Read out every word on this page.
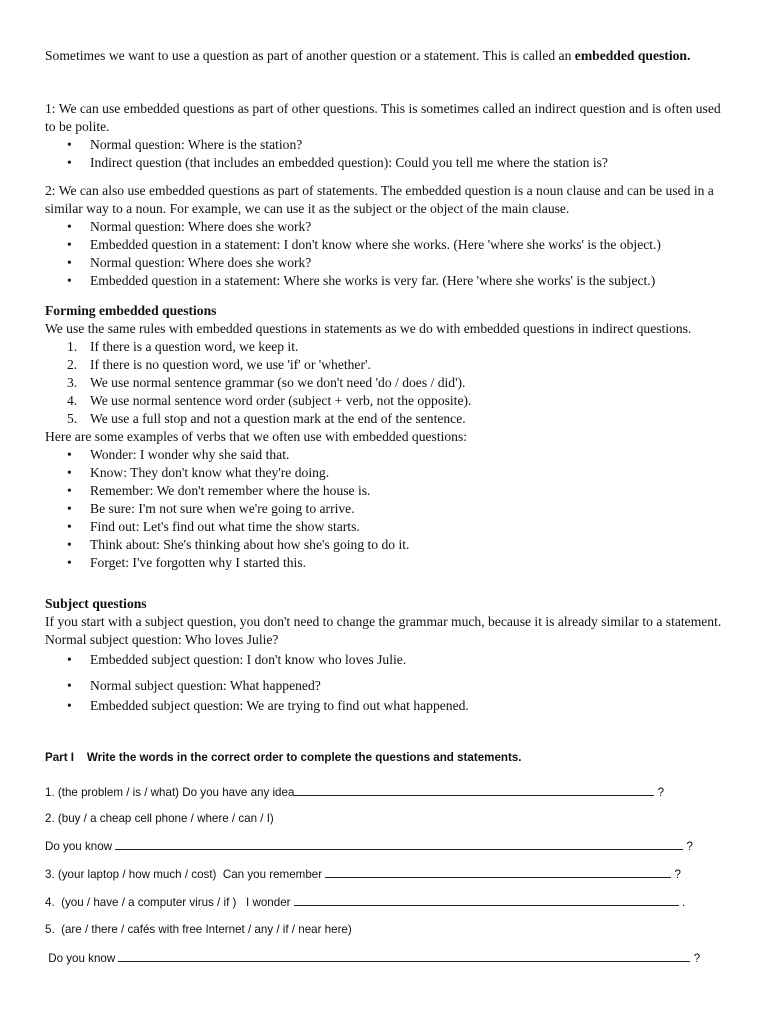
Sometimes we want to use a question as part of another question or a statement. This is called an embedded question.

1: We can use embedded questions as part of other questions. This is sometimes called an indirect question and is often used to be polite.

• Normal question: Where is the station?
• Indirect question (that includes an embedded question): Could you tell me where the station is?

2: We can also use embedded questions as part of statements. The embedded question is a noun clause and can be used in a similar way to a noun. For example, we can use it as the subject or the object of the main clause.

• Normal question: Where does she work?
• Embedded question in a statement: I don't know where she works. (Here 'where she works' is the object.)
• Normal question: Where does she work?
• Embedded question in a statement: Where she works is very far. (Here 'where she works' is the subject.)

Forming embedded questions

We use the same rules with embedded questions in statements as we do with embedded questions in indirect questions.

1. If there is a question word, we keep it.
2. If there is no question word, we use 'if' or 'whether'.
3. We use normal sentence grammar (so we don't need 'do / does / did').
4. We use normal sentence word order (subject + verb, not the opposite).
5. We use a full stop and not a question mark at the end of the sentence.

Here are some examples of verbs that we often use with embedded questions:

• Wonder: I wonder why she said that.
• Know: They don't know what they're doing.
• Remember: We don't remember where the house is.
• Be sure: I'm not sure when we're going to arrive.
• Find out: Let's find out what time the show starts.
• Think about: She's thinking about how she's going to do it.
• Forget: I've forgotten why I started this.

Subject questions

If you start with a subject question, you don't need to change the grammar much, because it is already similar to a statement.

Normal subject question: Who loves Julie?

• Embedded subject question: I don't know who loves Julie.
• Normal subject question: What happened?
• Embedded subject question: We are trying to find out what happened.
Part I    Write the words in the correct order to complete the questions and statements.
1. (the problem / is / what) Do you have any idea	?
2. (buy / a cheap cell phone / where / can / I)
Do you know	?
3. (your laptop / how much / cost)  Can you remember	?
4.  (you / have / a computer virus / if )   I wonder	.
5.  (are / there / cafés with free Internet / any / if / near here)
Do you know	?
